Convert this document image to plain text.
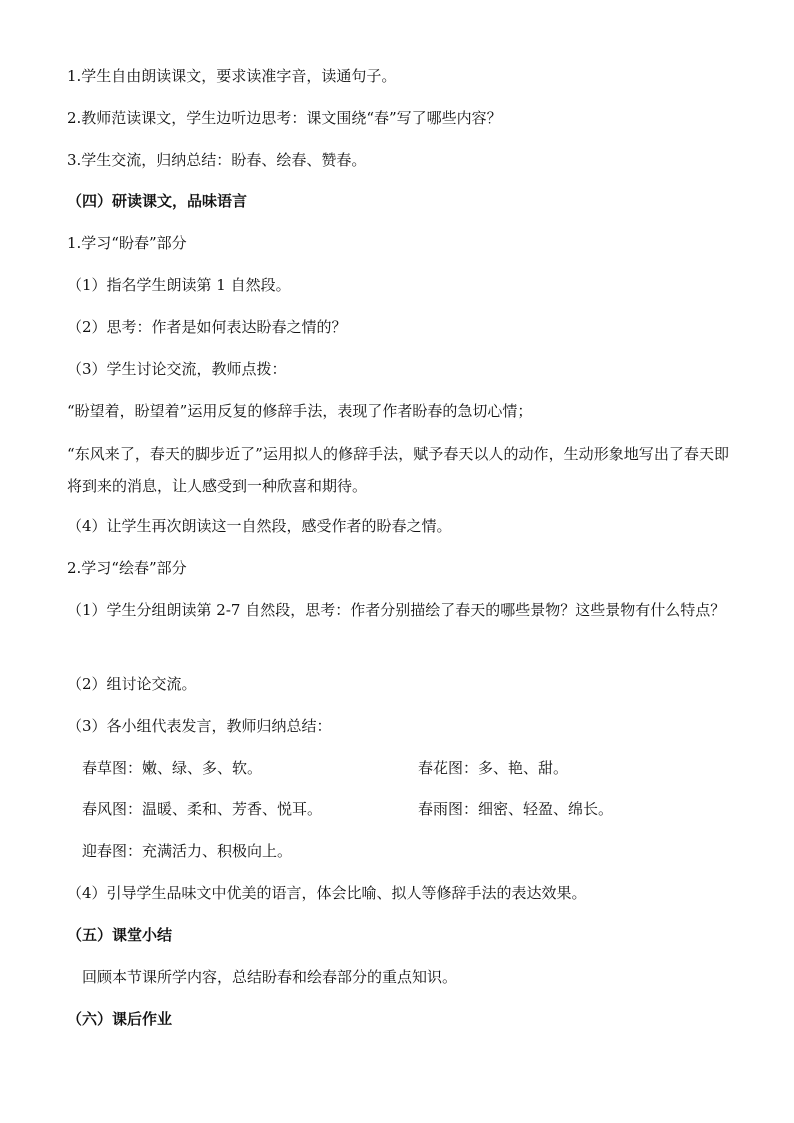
1.学生自由朗读课文，要求读准字音，读通句子。
2.教师范读课文，学生边听边思考：课文围绕“春”写了哪些内容？
3.学生交流，归纳总结：盼春、绘春、赞春。
（四）研读课文，品味语言
1.学习“盼春”部分
（1）指名学生朗读第 1 自然段。
（2）思考：作者是如何表达盼春之情的？
（3）学生讨论交流，教师点拨：
“盼望着，盼望着”运用反复的修辞手法，表现了作者盼春的急切心情；
“东风来了，春天的脚步近了”运用拟人的修辞手法，赋予春天以人的动作，生动形象地写出了春天即将到来的消息，让人感受到一种欣喜和期待。
（4）让学生再次朗读这一自然段，感受作者的盼春之情。
2.学习“绘春”部分
（1）学生分组朗读第 2-7 自然段，思考：作者分别描绘了春天的哪些景物？这些景物有什么特点？
（2）组讨论交流。
（3）各小组代表发言，教师归纳总结：
春草图：嫩、绿、多、软。	春花图：多、艳、甜。
春风图：温暖、柔和、芳香、悦耳。	春雨图：细密、轻盈、绵长。
迎春图：充满活力、积极向上。
（4）引导学生品味文中优美的语言，体会比喻、拟人等修辞手法的表达效果。
（五）课堂小结
回顾本节课所学内容，总结盼春和绘春部分的重点知识。
（六）课后作业
